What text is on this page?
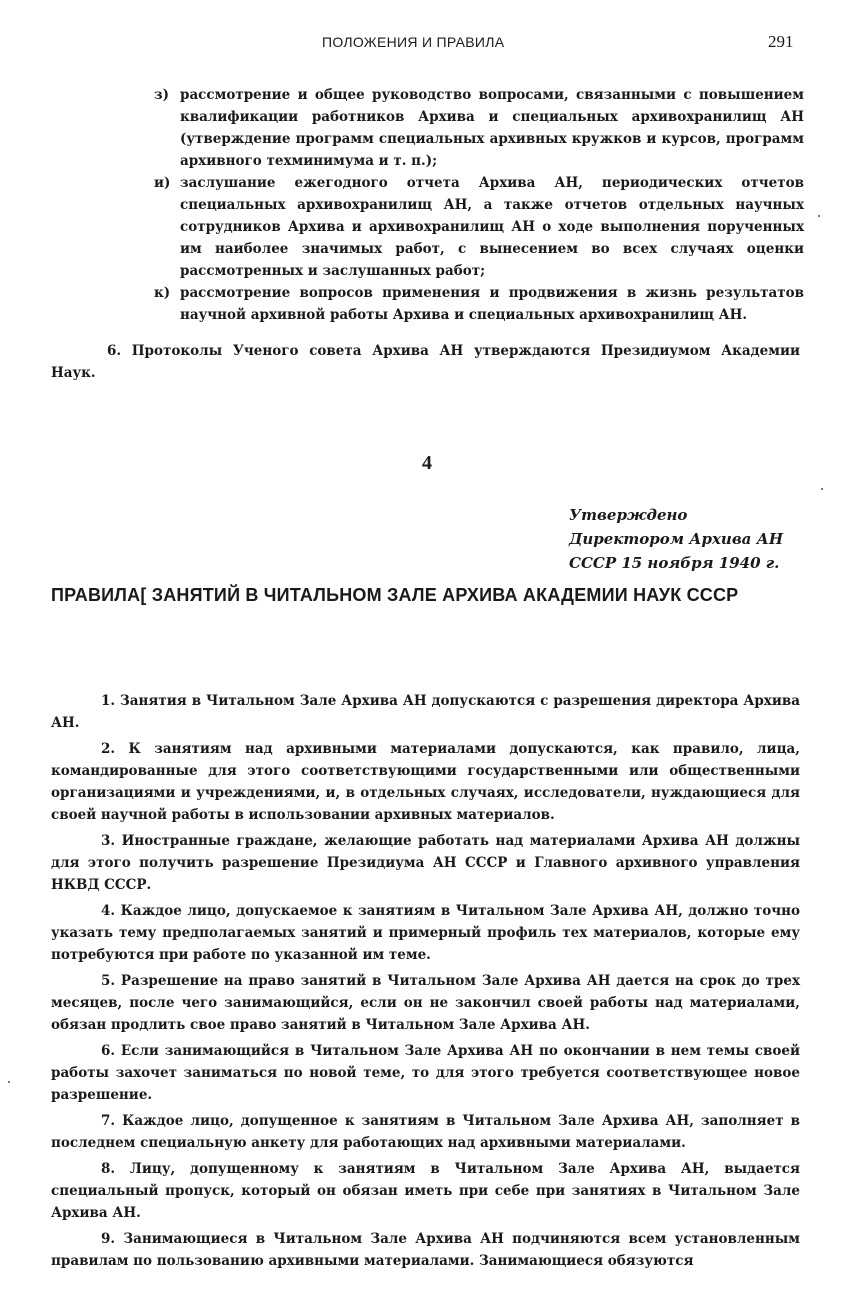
ПОЛОЖЕНИЯ И ПРАВИЛА	291
з) рассмотрение и общее руководство вопросами, связанными с повышением квалификации работников Архива и специальных архивохранилищ АН (утверждение программ специальных архивных кружков и курсов, программ архивного техминимума и т. п.);
и) заслушание ежегодного отчета Архива АН, периодических отчетов специальных архивохранилищ АН, а также отчетов отдельных научных сотрудников Архива и архивохранилищ АН о ходе выполнения порученных им наиболее значимых работ, с вынесением во всех случаях оценки рассмотренных и заслушанных работ;
к) рассмотрение вопросов применения и продвижения в жизнь результатов научной архивной работы Архива и специальных архивохранилищ АН.

6. Протоколы Ученого совета Архива АН утверждаются Президиумом Академии Наук.

4
Утверждено Директором Архива АН СССР 15 ноября 1940 г.
ПРАВИЛА[ ЗАНЯТИЙ В ЧИТАЛЬНОМ ЗАЛЕ АРХИВА АКАДЕМИИ НАУК СССР

1. Занятия в Читальном Зале Архива АН допускаются с разрешения директора Архива АН.

2. К занятиям над архивными материалами допускаются, как правило, лица, командированные для этого соответствующими государственными или общественными организациями и учреждениями, и, в отдельных случаях, исследователи, нуждающиеся для своей научной работы в использовании архивных материалов.

3. Иностранные граждане, желающие работать над материалами Архива АН должны для этого получить разрешение Президиума АН СССР и Главного архивного управления НКВД СССР.

4. Каждое лицо, допускаемое к занятиям в Читальном Зале Архива АН, должно точно указать тему предполагаемых занятий и примерный профиль тех материалов, которые ему потребуются при работе по указанной им теме.

5. Разрешение на право занятий в Читальном Зале Архива АН дается на срок до трех месяцев, после чего занимающийся, если он не закончил своей работы над материалами, обязан продлить свое право занятий в Читальном Зале Архива АН.

6. Если занимающийся в Читальном Зале Архива АН по окончании в нем темы своей работы захочет заниматься по новой теме, то для этого требуется соответствующее новое разрешение.

7. Каждое лицо, допущенное к занятиям в Читальном Зале Архива АН, заполняет в последнем специальную анкету для работающих над архивными материалами.

8. Лицу, допущенному к занятиям в Читальном Зале Архива АН, выдается специальный пропуск, который он обязан иметь при себе при занятиях в Читальном Зале Архива АН.

9. Занимающиеся в Читальном Зале Архива АН подчиняются всем установленным правилам по пользованию архивными материалами. Занимающиеся обязуются
